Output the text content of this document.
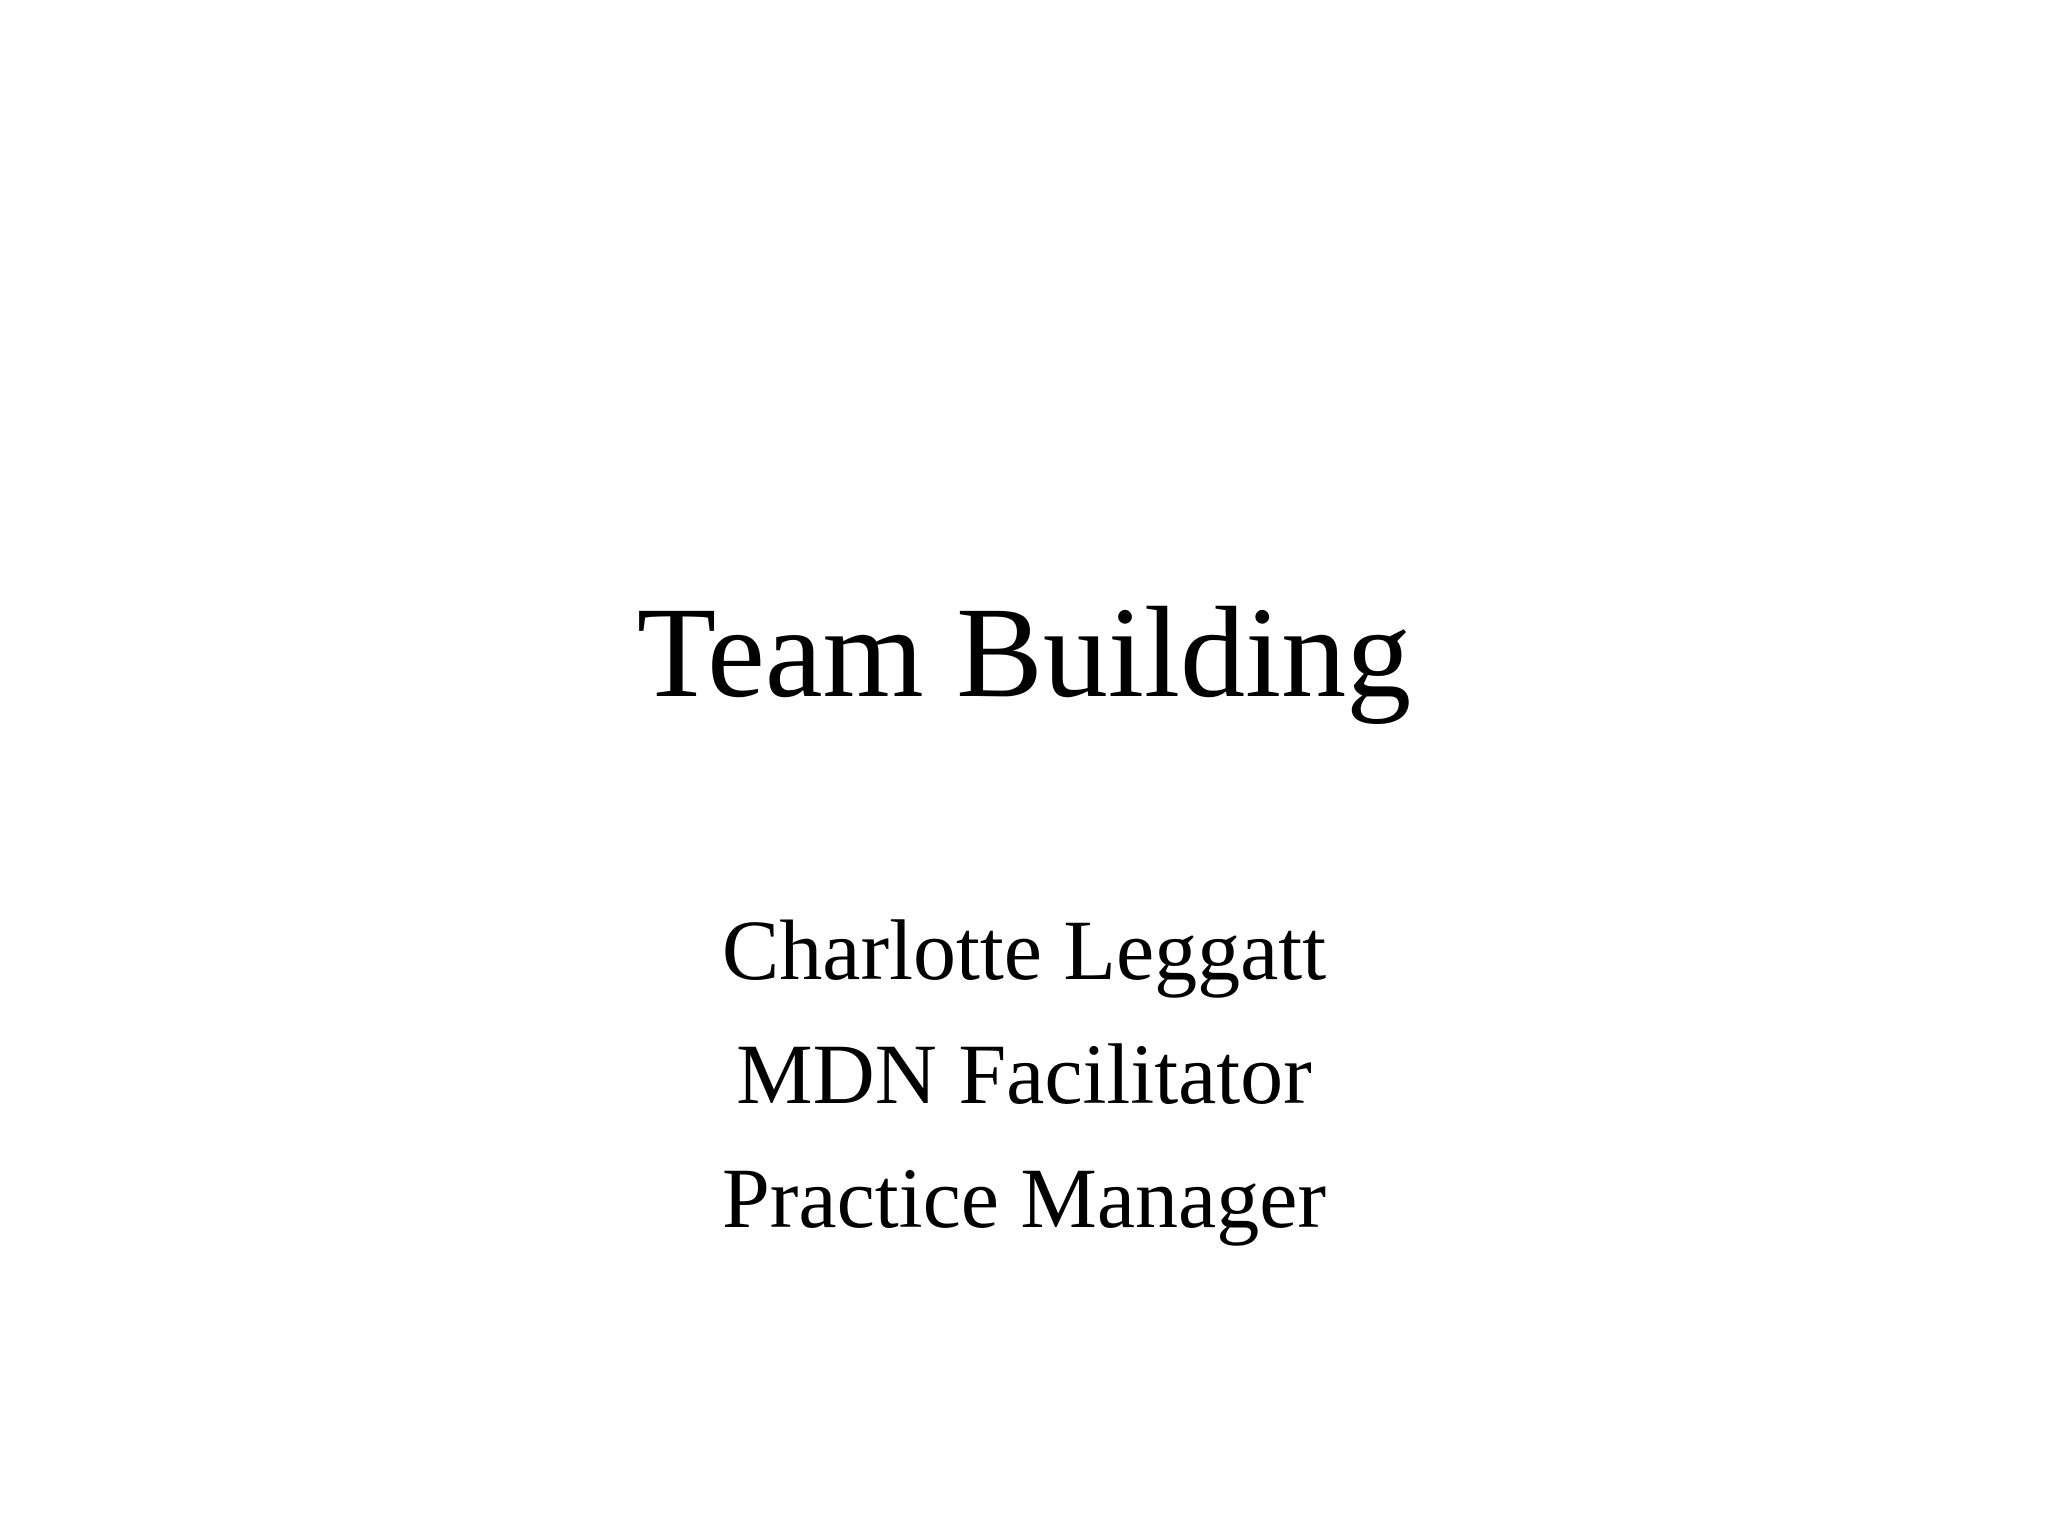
Team Building
Charlotte Leggatt
MDN Facilitator
Practice Manager
